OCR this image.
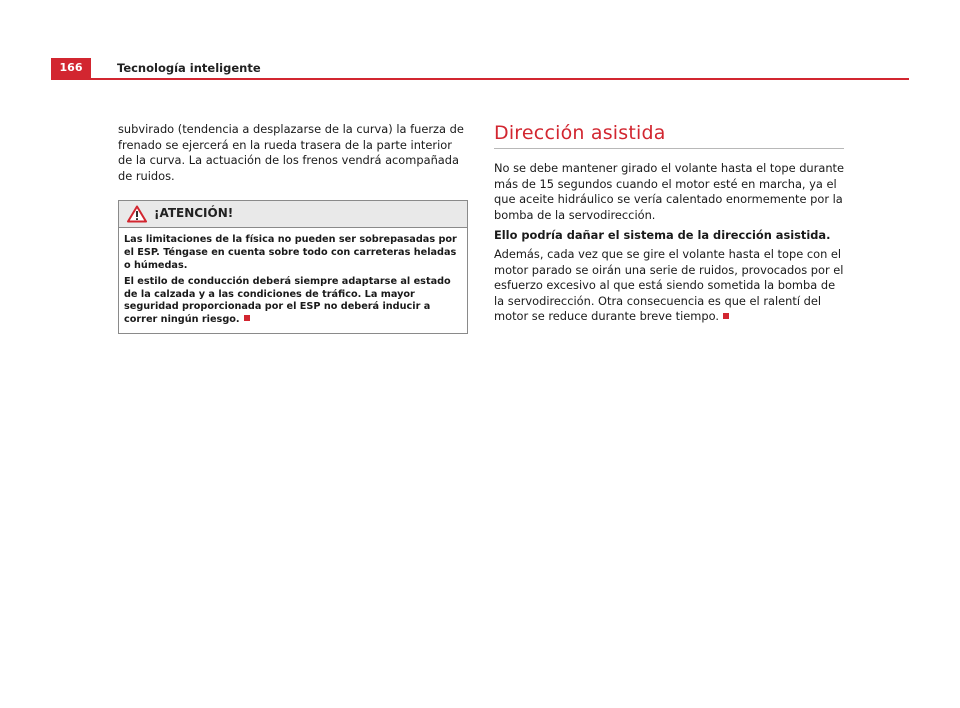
166	Tecnología inteligente

subvirado (tendencia a desplazarse de la curva) la fuerza de frenado se ejercerá en la rueda trasera de la parte interior de la curva. La actuación de los frenos vendrá acompañada de ruidos.

¡ATENCIÓN!

Las limitaciones de la física no pueden ser sobrepasadas por el ESP. Téngase en cuenta sobre todo con carreteras heladas o húmedas.

El estilo de conducción deberá siempre adaptarse al estado de la calzada y a las condiciones de tráfico. La mayor seguridad proporcionada por el ESP no deberá inducir a correr ningún riesgo.

Dirección asistida

No se debe mantener girado el volante hasta el tope durante más de 15 segundos cuando el motor esté en marcha, ya el que aceite hidráulico se vería calentado enormemente por la bomba de la servodirección.

Ello podría dañar el sistema de la dirección asistida.

Además, cada vez que se gire el volante hasta el tope con el motor parado se oirán una serie de ruidos, provocados por el esfuerzo excesivo al que está siendo sometida la bomba de la servodirección. Otra consecuencia es que el ralentí del motor se reduce durante breve tiempo.
